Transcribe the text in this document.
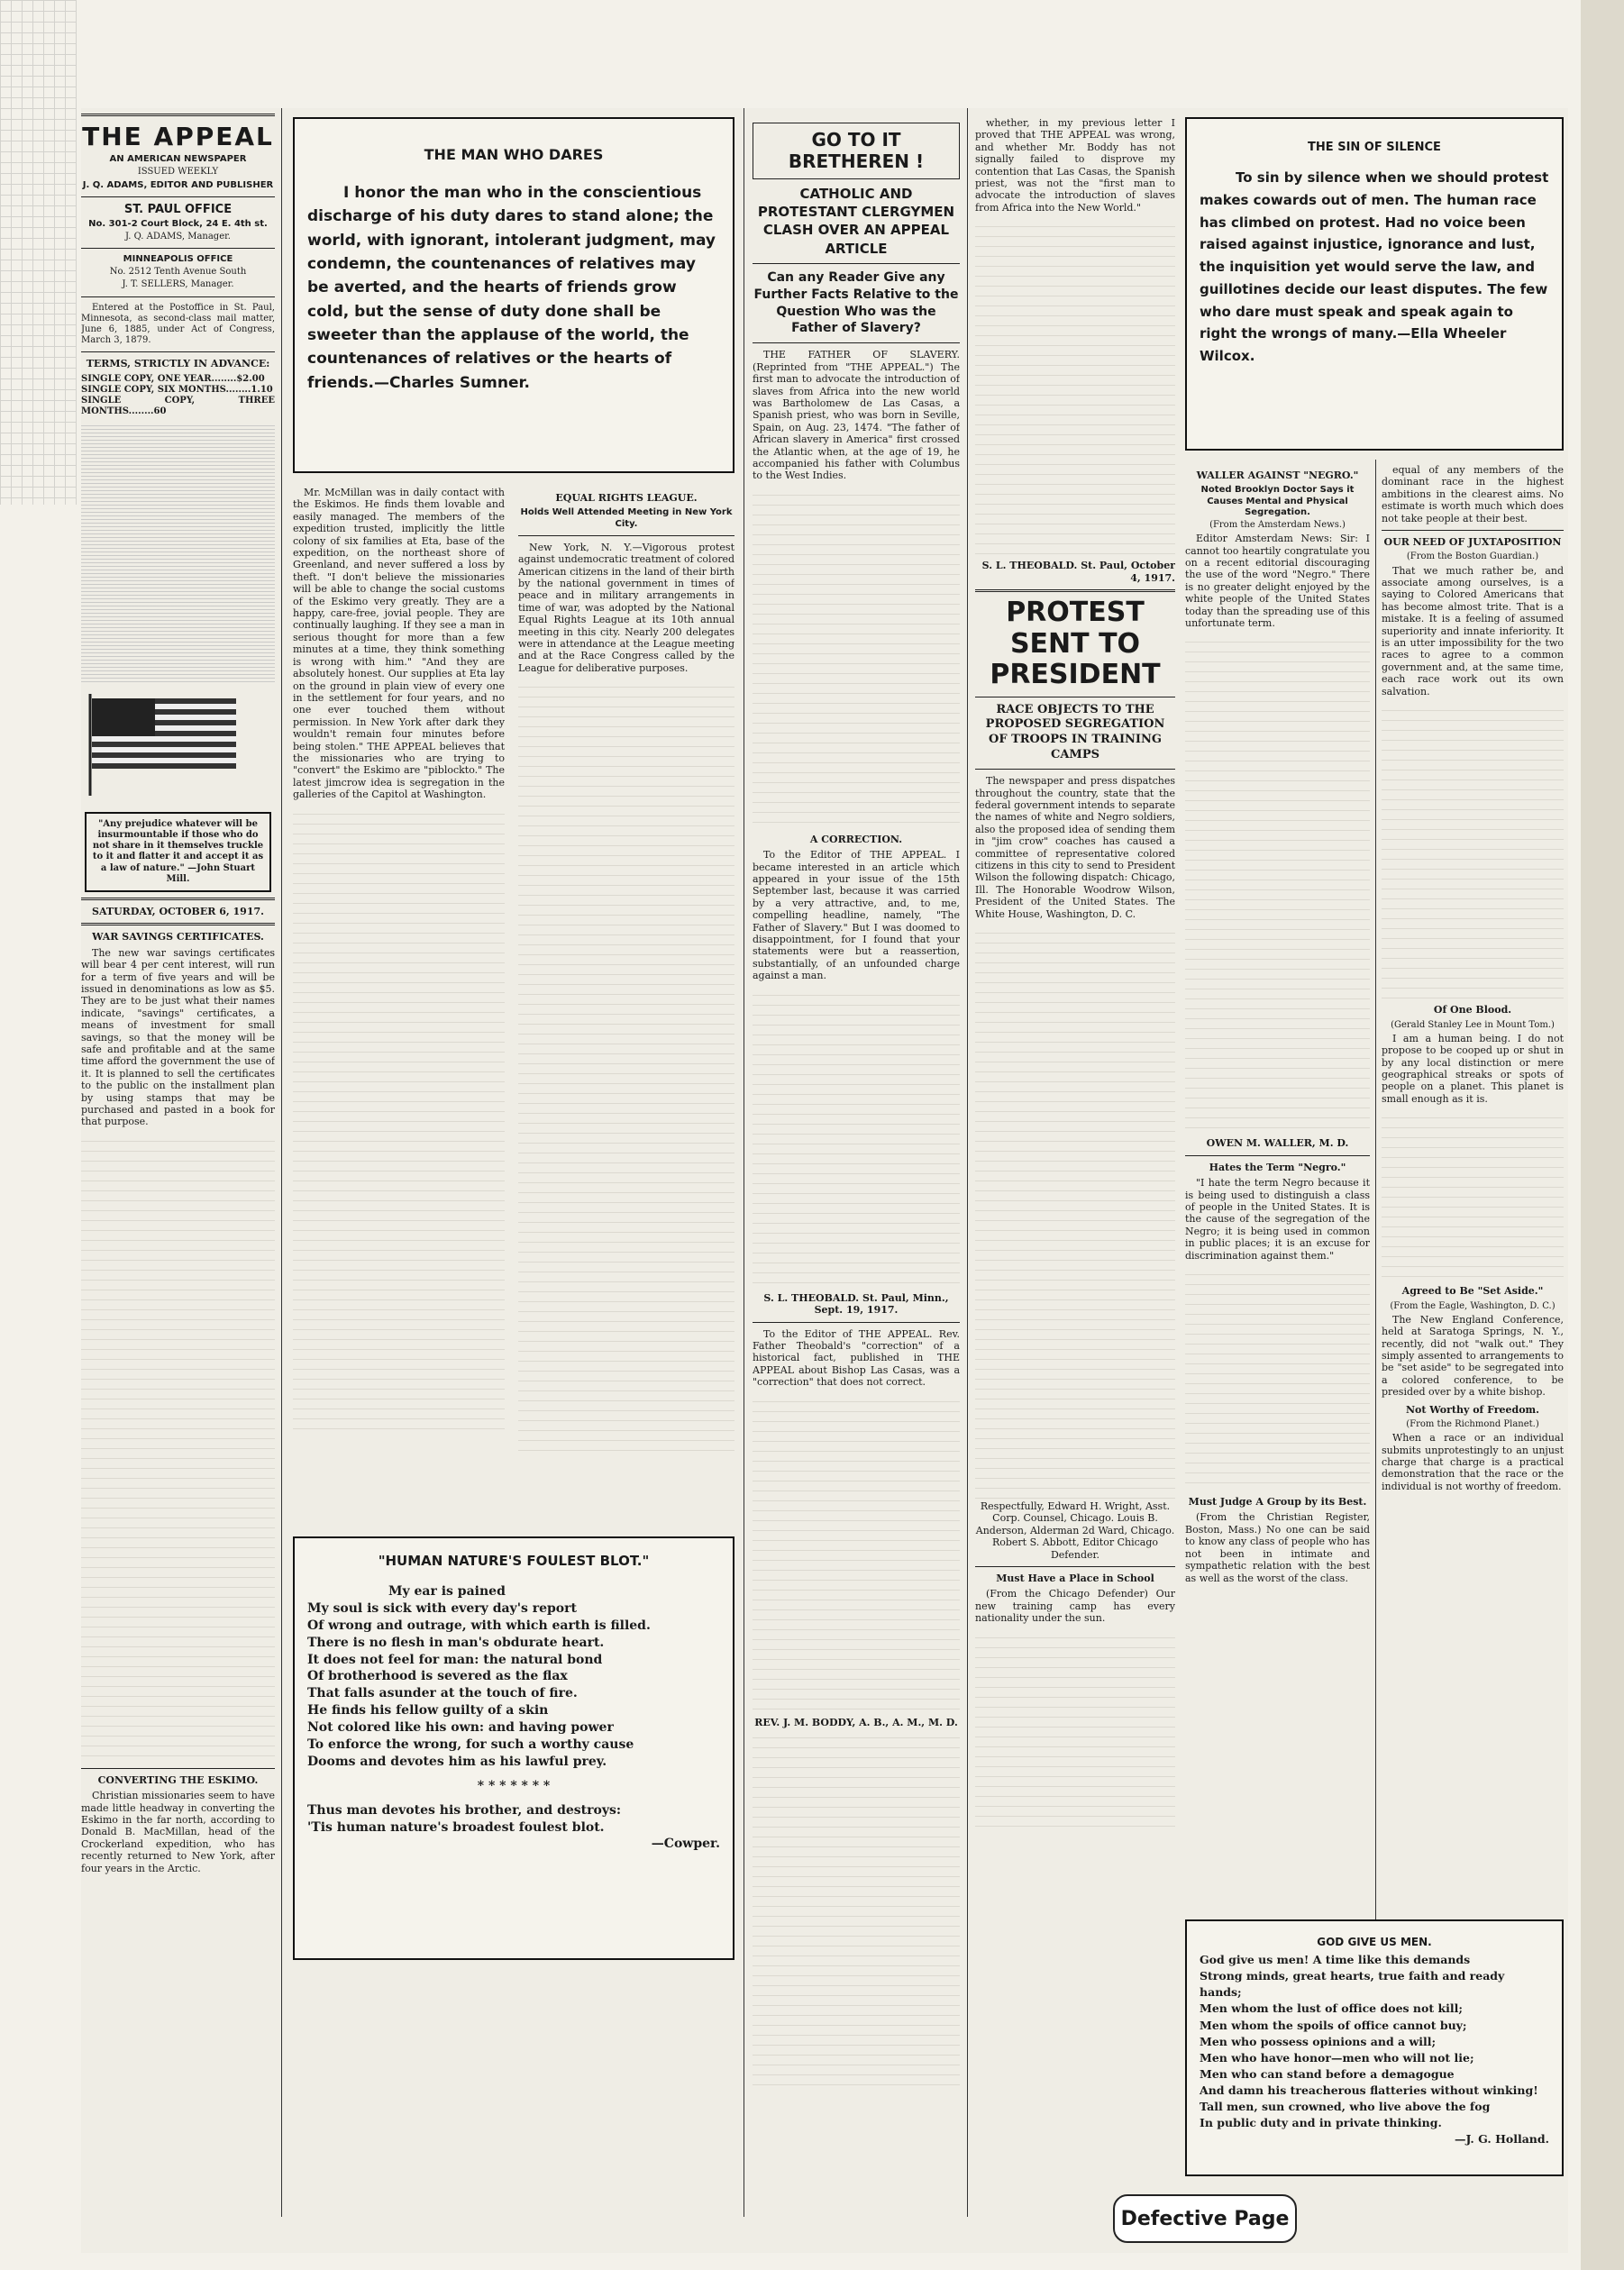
THE APPEAL
AN AMERICAN NEWSPAPER
ISSUED WEEKLY
J. Q. ADAMS, EDITOR AND PUBLISHER
ST. PAUL OFFICE
No. 301-2 Court Block, 24 E. 4th st.
J. Q. ADAMS, Manager.
MINNEAPOLIS OFFICE
No. 2512 Tenth Avenue South
J. T. SELLERS, Manager.

Entered at the Postoffice in St. Paul, Minnesota, as second-class mail matter, June 6, 1885, under Act of Congress, March 3, 1879.

TERMS, STRICTLY IN ADVANCE:
SINGLE COPY, ONE YEAR........$2.00
SINGLE COPY, SIX MONTHS........1.10
SINGLE COPY, THREE MONTHS........60
"Any prejudice whatever will be insurmountable if those who do not share in it themselves truckle to it and flatter it and accept it as a law of nature." —John Stuart Mill.
SATURDAY, OCTOBER 6, 1917.
WAR SAVINGS CERTIFICATES.

The new war savings certificates will bear 4 per cent interest, will run for a term of five years and will be issued in denominations as low as $5. They are to be just what their names indicate, "savings" certificates, a means of investment for small savings, so that the money will be safe and profitable and at the same time afford the government the use of it. It is planned to sell the certificates to the public on the installment plan by using stamps that may be purchased and pasted in a book for that purpose.

CONVERTING THE ESKIMO.

Christian missionaries seem to have made little headway in converting the Eskimo in the far north, according to Donald B. MacMillan, head of the Crockerland expedition, who has recently returned to New York, after four years in the Arctic.

THE MAN WHO DARES
I honor the man who in the conscientious discharge of his duty dares to stand alone; the world, with ignorant, intolerant judgment, may condemn, the countenances of relatives may be averted, and the hearts of friends grow cold, but the sense of duty done shall be sweeter than the applause of the world, the countenances of relatives or the hearts of friends.—Charles Sumner.

Mr. McMillan was in daily contact with the Eskimos. He finds them lovable and easily managed. The members of the expedition trusted, implicitly the little colony of six families at Eta, base of the expedition, on the northeast shore of Greenland, and never suffered a loss by theft. "I don't believe the missionaries will be able to change the social customs of the Eskimo very greatly. They are a happy, care-free, jovial people. They are continually laughing. If they see a man in serious thought for more than a few minutes at a time, they think something is wrong with him." "And they are absolutely honest. Our supplies at Eta lay on the ground in plain view of every one in the settlement for four years, and no one ever touched them without permission. In New York after dark they wouldn't remain four minutes before being stolen." THE APPEAL believes that the missionaries who are trying to "convert" the Eskimo are "piblockto." The latest jimcrow idea is segregation in the galleries of the Capitol at Washington.

EQUAL RIGHTS LEAGUE.
Holds Well Attended Meeting in New York City.

New York, N. Y.—Vigorous protest against undemocratic treatment of colored American citizens in the land of their birth by the national government in times of peace and in military arrangements in time of war, was adopted by the National Equal Rights League at its 10th annual meeting in this city. Nearly 200 delegates were in attendance at the League meeting and at the Race Congress called by the League for deliberative purposes.

"HUMAN NATURE'S FOULEST BLOT."
My ear is pained
My soul is sick with every day's report
Of wrong and outrage, with which earth is filled.
There is no flesh in man's obdurate heart.
It does not feel for man: the natural bond
Of brotherhood is severed as the flax
That falls asunder at the touch of fire.
He finds his fellow guilty of a skin
Not colored like his own: and having power
To enforce the wrong, for such a worthy cause
Dooms and devotes him as his lawful prey.
* * * * * * *
Thus man devotes his brother, and destroys:
'Tis human nature's broadest foulest blot.
—Cowper.
GO TO IT BRETHEREN !
CATHOLIC AND PROTESTANT CLERGYMEN CLASH OVER AN APPEAL ARTICLE
Can any Reader Give any Further Facts Relative to the Question Who was the Father of Slavery?

THE FATHER OF SLAVERY. (Reprinted from "THE APPEAL.") The first man to advocate the introduction of slaves from Africa into the new world was Bartholomew de Las Casas, a Spanish priest, who was born in Seville, Spain, on Aug. 23, 1474. "The father of African slavery in America" first crossed the Atlantic when, at the age of 19, he accompanied his father with Columbus to the West Indies.

A CORRECTION.

To the Editor of THE APPEAL. I became interested in an article which appeared in your issue of the 15th September last, because it was carried by a very attractive, and, to me, compelling headline, namely, "The Father of Slavery." But I was doomed to disappointment, for I found that your statements were but a reassertion, substantially, of an unfounded charge against a man.

S. L. THEOBALD. St. Paul, Minn., Sept. 19, 1917.

To the Editor of THE APPEAL. Rev. Father Theobald's "correction" of a historical fact, published in THE APPEAL about Bishop Las Casas, was a "correction" that does not correct.

REV. J. M. BODDY, A. B., A. M., M. D.

whether, in my previous letter I proved that THE APPEAL was wrong, and whether Mr. Boddy has not signally failed to disprove my contention that Las Casas, the Spanish priest, was not the "first man to advocate the introduction of slaves from Africa into the New World."

S. L. THEOBALD. St. Paul, October 4, 1917.
PROTEST SENT TO PRESIDENT
RACE OBJECTS TO THE PROPOSED SEGREGATION OF TROOPS IN TRAINING CAMPS

The newspaper and press dispatches throughout the country, state that the federal government intends to separate the names of white and Negro soldiers, also the proposed idea of sending them in "jim crow" coaches has caused a committee of representative colored citizens in this city to send to President Wilson the following dispatch: Chicago, Ill. The Honorable Woodrow Wilson, President of the United States. The White House, Washington, D. C.

Respectfully, Edward H. Wright, Asst. Corp. Counsel, Chicago. Louis B. Anderson, Alderman 2d Ward, Chicago. Robert S. Abbott, Editor Chicago Defender.
Must Have a Place in School

(From the Chicago Defender) Our new training camp has every nationality under the sun.

THE SIN OF SILENCE
To sin by silence when we should protest makes cowards out of men. The human race has climbed on protest. Had no voice been raised against injustice, ignorance and lust, the inquisition yet would serve the law, and guillotines decide our least disputes. The few who dare must speak and speak again to right the wrongs of many.—Ella Wheeler Wilcox.
WALLER AGAINST "NEGRO."
Noted Brooklyn Doctor Says it Causes Mental and Physical Segregation.
(From the Amsterdam News.)

Editor Amsterdam News: Sir: I cannot too heartily congratulate you on a recent editorial discouraging the use of the word "Negro." There is no greater delight enjoyed by the white people of the United States today than the spreading use of this unfortunate term.

OWEN M. WALLER, M. D.
Hates the Term "Negro."

"I hate the term Negro because it is being used to distinguish a class of people in the United States. It is the cause of the segregation of the Negro; it is being used in common in public places; it is an excuse for discrimination against them."

Must Judge A Group by its Best.

(From the Christian Register, Boston, Mass.) No one can be said to know any class of people who has not been in intimate and sympathetic relation with the best as well as the worst of the class.

equal of any members of the dominant race in the highest ambitions in the clearest aims. No estimate is worth much which does not take people at their best.

OUR NEED OF JUXTAPOSITION
(From the Boston Guardian.)

That we much rather be, and associate among ourselves, is a saying to Colored Americans that has become almost trite. That is a mistake. It is a feeling of assumed superiority and innate inferiority. It is an utter impossibility for the two races to agree to a common government and, at the same time, each race work out its own salvation.

Of One Blood.
(Gerald Stanley Lee in Mount Tom.)

I am a human being. I do not propose to be cooped up or shut in by any local distinction or mere geographical streaks or spots of people on a planet. This planet is small enough as it is.

Agreed to Be "Set Aside."
(From the Eagle, Washington, D. C.)

The New England Conference, held at Saratoga Springs, N. Y., recently, did not "walk out." They simply assented to arrangements to be "set aside" to be segregated into a colored conference, to be presided over by a white bishop.

Not Worthy of Freedom.
(From the Richmond Planet.)

When a race or an individual submits unprotestingly to an unjust charge that charge is a practical demonstration that the race or the individual is not worthy of freedom.

GOD GIVE US MEN.
God give us men! A time like this demands
Strong minds, great hearts, true faith and ready hands;
Men whom the lust of office does not kill;
Men whom the spoils of office cannot buy;
Men who possess opinions and a will;
Men who have honor—men who will not lie;
Men who can stand before a demagogue
And damn his treacherous flatteries without winking!
Tall men, sun crowned, who live above the fog
In public duty and in private thinking.
—J. G. Holland.
Defective Page
